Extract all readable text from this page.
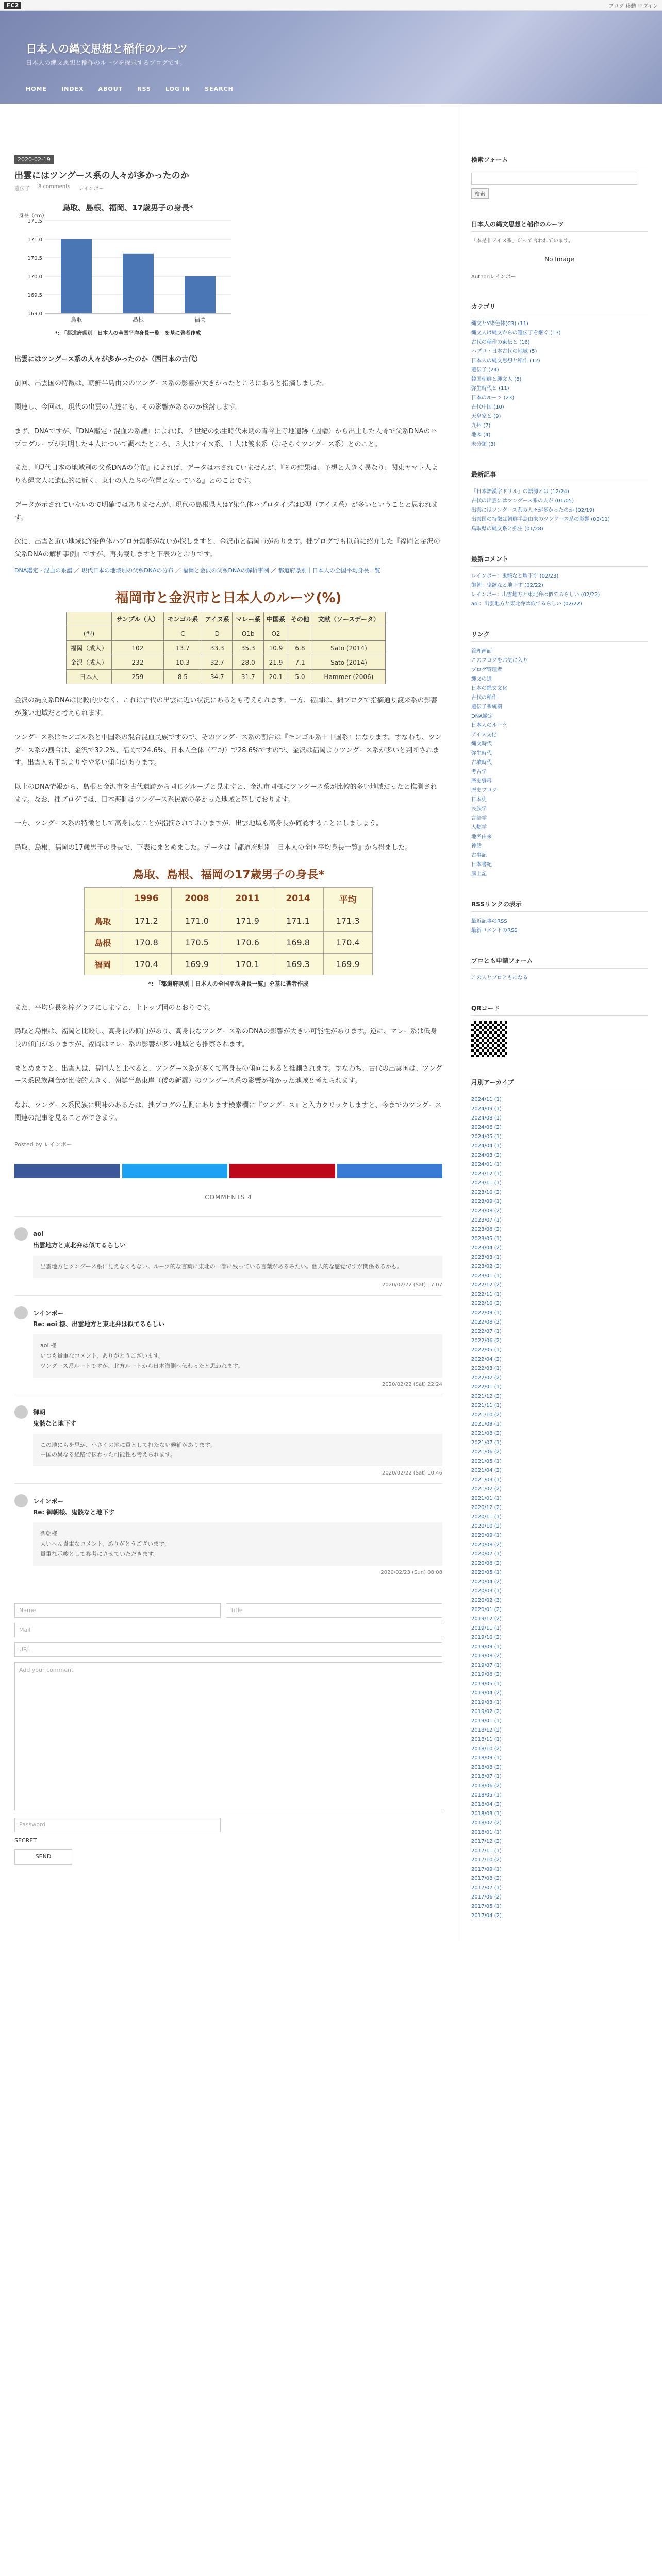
FC2	ブログ 移動 ログイン
日本人の縄文思想と稲作のルーツ
日本人の縄文思想と稲作のルーツを探求するブログです。
HOME	INDEX	ABOUT	RSS	LOG IN	SEARCH
2020-02-19
出雲にはツングース系の人々が多かったのか
遺伝子 8 comments レインボー
鳥取、島根、福岡、17歳男子の身長*
身長（cm）
171.5
171.0
170.5
170.0
169.5
169.0
鳥取	島根	福岡
*: 「都道府県別｜日本人の全国平均身長一覧」を基に著者作成

出雲にはツングース系の人々が多かったのか（西日本の古代）

前回、出雲国の特徴は、朝鮮半島由来のツングース系の影響が大きかったところにあると指摘しました。

関連し、今回は、現代の出雲の人達にも、その影響があるのか検討します。

まず、DNAですが、『DNA鑑定・混血の系譜』によれば、２世紀の弥生時代末期の青谷上寺地遺跡（因幡）から出土した人骨で父系DNAのハプログループが判明した４人について調べたところ、３人はアイヌ系、１人は渡来系（おそらくツングース系）とのこと。

また、『現代日本の地域別の父系DNAの分布』によれば、データは示されていませんが、『その結果は、予想と大きく異なり、関東ヤマト人よりも縄文人に遺伝的に近く、東北の人たちの位置となっている』とのことです。

データが示されていないので明確ではありませんが、現代の島根県人はY染色体ハプロタイプはD型（アイヌ系）が多いということと思われます。

次に、出雲と近い地域にY染色体ハプロ分類群がないか探しますと、金沢市と福岡市があります。拙ブログでも以前に紹介した『福岡と金沢の父系DNAの解析事例』ですが、再掲載しますと下表のとおりです。

DNA鑑定・混血の系譜 ／ 現代日本の地域別の父系DNAの分布 ／ 福岡と金沢の父系DNAの解析事例 ／ 都道府県別｜日本人の全国平均身長一覧

福岡市と金沢市と日本人のルーツ(%)
	サンプル（人）	モンゴル系	アイヌ系	マレー系	中国系	その他	文献（ソースデータ）
(型)		C	D	O1b	O2		
福岡（成人）	102	13.7	33.3	35.3	10.9	6.8	Sato (2014)
金沢（成人）	232	10.3	32.7	28.0	21.9	7.1	Sato (2014)
日本人	259	8.5	34.7	31.7	20.1	5.0	Hammer (2006)

金沢の縄文系DNAは比較的少なく、これは古代の出雲に近い状況にあるとも考えられます。一方、福岡は、拙ブログで指摘通り渡来系の影響が強い地域だと考えられます。

ツングース系はモンゴル系と中国系の混合混血民族ですので、そのツングース系の割合は『モンゴル系＋中国系』になります。すなわち、ツングース系の割合は、金沢で32.2%、福岡で24.6%、日本人全体（平均）で28.6%ですので、金沢は福岡よりツングース系が多いと判断されます。出雲人も平均よりやや多い傾向があります。

以上のDNA情報から、島根と金沢市を古代遺跡から同じグループと見ますと、金沢市同様にツングース系が比較的多い地域だったと推測されます。なお、拙ブログでは、日本海側はツングース系民族の多かった地域と解しております。

一方、ツングース系の特徴として高身長なことが指摘されておりますが、出雲地域も高身長か確認することにしましょう。

鳥取、島根、福岡の17歳男子の身長で、下表にまとめました。データは『都道府県別｜日本人の全国平均身長一覧』から得ました。

鳥取、島根、福岡の17歳男子の身長*
	1996	2008	2011	2014	平均
鳥取	171.2	171.0	171.9	171.1	171.3
島根	170.8	170.5	170.6	169.8	170.4
福岡	170.4	169.9	170.1	169.3	169.9
*: 「都道府県別｜日本人の全国平均身長一覧」を基に著者作成

また、平均身長を棒グラフにしますと、上トップ図のとおりです。

鳥取と島根は、福岡と比較し、高身長の傾向があり、高身長なツングース系のDNAの影響が大きい可能性があります。逆に、マレー系は低身長の傾向がありますが、福岡はマレー系の影響が多い地域とも推察されます。

まとめますと、出雲人は、福岡人と比べると、ツングース系が多くて高身長の傾向にあると推測されます。すなわち、古代の出雲国は、ツングース系民族割合が比較的大きく、朝鮮半島東岸（倭の新羅）のツングース系の影響が強かった地域と考えられます。

なお、ツングース系民族に興味のある方は、拙ブログの左側にあります検索欄に『ツングース』と入力クリックしますと、今までのツングース関連の記事を見ることができます。

Posted by レインボー
COMMENTS 4
aoi
出雲地方と東北弁は似てるらしい
出雲地方とツングース系に見えなくもない。ルーツ的な言葉に東北の一部に残っている言葉があるみたい。個人的な感覚ですが関係あるかも。
2020/02/22 (Sat) 17:07
レインボー
Re: aoi 様、出雲地方と東北弁は似てるらしい
aoi 様
いつも貴重なコメント、ありがとうございます。
ツングース系ルートですが、北方ルートから日本海側へ伝わったと思われます。
2020/02/22 (Sat) 22:24
御朝
鬼骸なと地下す
この地にもを思が、小さくの地に重として打たない候補があります。
中国の異なる経路で伝わった可能性も考えられます。
2020/02/22 (Sat) 10:46
レインボー
Re: 御朝様、鬼骸なと地下す
御朝様
大いへん貴重なコメント、ありがとうございます。
貴重な示唆として参考にさせていただきます。
2020/02/23 (Sun) 08:08
Name	Title
Mail
URL
Add your comment
Password
SECRET
SEND
検索フォーム
検索
日本人の縄文思想と稲作のルーツ
「本是非アイヌ系」だって言われています。
No Image
Author:レインボー
カテゴリ
縄文とY染色体(C3) (11)
縄文人は縄文からの遺伝子を継ぐ (13)
古代の稲作の東伝と (16)
ハプロ・日本古代の地域 (5)
日本人の縄文思想と稲作 (12)
遺伝子 (24)
韓国朝鮮と縄文人 (8)
弥生時代と (11)
日本のルーツ (23)
古代中国 (10)
天皇家と (9)
九州 (7)
地図 (4)
未分類 (3)
最新記事
「日本語漢字ドリル」の語源とは (12/24)
古代の出雲にはツングース系の人が (01/05)
出雲にはツングース系の人々が多かったのか (02/19)
出雲国の特徴は朝鮮半島由来のツングース系の影響 (02/11)
鳥取県の縄文系と弥生 (01/28)
最新コメント
レインボー：鬼骸なと地下す (02/23)
御朝：鬼骸なと地下す (02/22)
レインボー：出雲地方と東北弁は似てるらしい (02/22)
aoi：出雲地方と東北弁は似てるらしい (02/22)
リンク
管理画面
このブログをお気に入り
ブログ管理者
縄文の道
日本の縄文文化
古代の稲作
遺伝子系統樹
DNA鑑定
日本人のルーツ
アイヌ文化
縄文時代
弥生時代
古墳時代
考古学
歴史資料
歴史ブログ
日本史
民族学
言語学
人類学
地名由来
神話
古事記
日本書紀
風土記
RSSリンクの表示
最近記事のRSS
最新コメントのRSS
ブロとも申請フォーム
この人とブロともになる
QRコード
月別アーカイブ
2024/11 (1)
2024/09 (1)
2024/08 (1)
2024/06 (2)
2024/05 (1)
2024/04 (1)
2024/03 (2)
2024/01 (1)
2023/12 (1)
2023/11 (1)
2023/10 (2)
2023/09 (1)
2023/08 (2)
2023/07 (1)
2023/06 (2)
2023/05 (1)
2023/04 (2)
2023/03 (1)
2023/02 (2)
2023/01 (1)
2022/12 (2)
2022/11 (1)
2022/10 (2)
2022/09 (1)
2022/08 (2)
2022/07 (1)
2022/06 (2)
2022/05 (1)
2022/04 (2)
2022/03 (1)
2022/02 (2)
2022/01 (1)
2021/12 (2)
2021/11 (1)
2021/10 (2)
2021/09 (1)
2021/08 (2)
2021/07 (1)
2021/06 (2)
2021/05 (1)
2021/04 (2)
2021/03 (1)
2021/02 (2)
2021/01 (1)
2020/12 (2)
2020/11 (1)
2020/10 (2)
2020/09 (1)
2020/08 (2)
2020/07 (1)
2020/06 (2)
2020/05 (1)
2020/04 (2)
2020/03 (1)
2020/02 (3)
2020/01 (2)
2019/12 (2)
2019/11 (1)
2019/10 (2)
2019/09 (1)
2019/08 (2)
2019/07 (1)
2019/06 (2)
2019/05 (1)
2019/04 (2)
2019/03 (1)
2019/02 (2)
2019/01 (1)
2018/12 (2)
2018/11 (1)
2018/10 (2)
2018/09 (1)
2018/08 (2)
2018/07 (1)
2018/06 (2)
2018/05 (1)
2018/04 (2)
2018/03 (1)
2018/02 (2)
2018/01 (1)
2017/12 (2)
2017/11 (1)
2017/10 (2)
2017/09 (1)
2017/08 (2)
2017/07 (1)
2017/06 (2)
2017/05 (1)
2017/04 (2)
